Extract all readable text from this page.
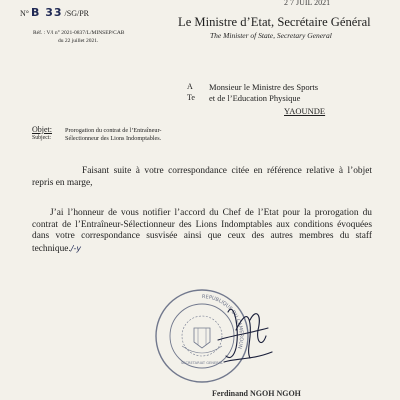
N° B 33 /SG/PR
Réf. : V/l n° 2021-0837/L/MINSEP/CAB
du 22 juillet 2021.
2 7 JUIL 2021
Le Ministre d’Etat, Secrétaire Général
The Minister of State, Secretary General
A
Te
Monsieur le Ministre des Sports
et de l’Education Physique
YAOUNDE
Objet:
Subject:
Prorogation du contrat de l’Entraîneur-
Sélectionneur des Lions Indomptables.

Faisant suite à votre correspondance citée en référence relative à l’objet repris en marge,

J’ai l’honneur de vous notifier l’accord du Chef de l’Etat pour la prorogation du contrat de l’Entraîneur-Sélectionneur des Lions Indomptables aux conditions évoquées dans votre correspondance susvisée ainsi que ceux des autres membres du staff technique./-y

REPUBLIQUE DU CAMEROUN
SECRETARIAT GENERAL
Ferdinand NGOH NGOH
